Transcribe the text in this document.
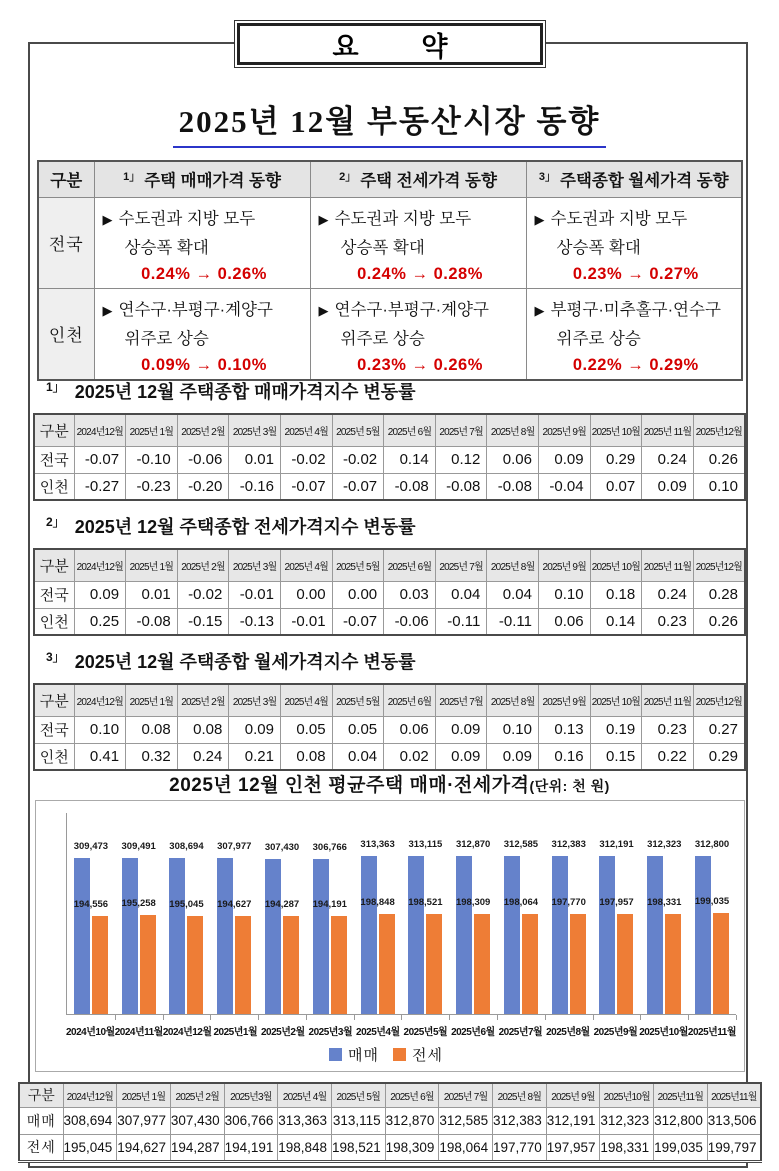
요 약
2025년 12월 부동산시장 동향
구분	$^{1」}$ 주택 매매가격 동향	$^{2」}$ 주택 전세가격 동향	$^{3」}$ 주택종합 월세가격 동향
전국	
▶ 수도권과 지방 모두
상승폭 확대
0.24% → 0.26%

▶ 수도권과 지방 모두
상승폭 확대
0.24% → 0.28%

▶ 수도권과 지방 모두
상승폭 확대
0.23% → 0.27%

인천	
▶ 연수구·부평구·계양구
위주로 상승
0.09% → 0.10%

▶ 연수구·부평구·계양구
위주로 상승
0.23% → 0.26%

▶ 부평구·미추홀구·연수구
위주로 상승
0.22% → 0.29%
$^{1」}$ 2025년 12월 주택종합 매매가격지수 변동률
구분	2024년12월	2025년 1월	2025년 2월	2025년 3월	2025년 4월	2025년 5월	2025년 6월	2025년 7월	2025년 8월	2025년 9월	2025년 10월	2025년 11월	2025년12월
전국	-0.07	-0.10	-0.06	0.01	-0.02	-0.02	0.14	0.12	0.06	0.09	0.29	0.24	0.26
인천	-0.27	-0.23	-0.20	-0.16	-0.07	-0.07	-0.08	-0.08	-0.08	-0.04	0.07	0.09	0.10
$^{2」}$ 2025년 12월 주택종합 전세가격지수 변동률
구분	2024년12월	2025년 1월	2025년 2월	2025년 3월	2025년 4월	2025년 5월	2025년 6월	2025년 7월	2025년 8월	2025년 9월	2025년 10월	2025년 11월	2025년12월
전국	0.09	0.01	-0.02	-0.01	0.00	0.00	0.03	0.04	0.04	0.10	0.18	0.24	0.28
인천	0.25	-0.08	-0.15	-0.13	-0.01	-0.07	-0.06	-0.11	-0.11	0.06	0.14	0.23	0.26
$^{3」}$ 2025년 12월 주택종합 월세가격지수 변동률
구분	2024년12월	2025년 1월	2025년 2월	2025년 3월	2025년 4월	2025년 5월	2025년 6월	2025년 7월	2025년 8월	2025년 9월	2025년 10월	2025년 11월	2025년12월
전국	0.10	0.08	0.08	0.09	0.05	0.05	0.06	0.09	0.10	0.13	0.19	0.23	0.27
인천	0.41	0.32	0.24	0.21	0.08	0.04	0.02	0.09	0.09	0.16	0.15	0.22	0.29
2025년 12월 인천 평균주택 매매·전세가격(단위: 천 원)
309,473
194,556
309,491
195,258
308,694
195,045
307,977
194,627
307,430
194,287
306,766
194,191
313,363
198,848
313,115
198,521
312,870
198,309
312,585
198,064
312,383
197,770
312,191
197,957
312,323
198,331
312,800
199,035
2024년10월 2024년11월 2024년12월 2025년1월 2025년2월 2025년3월 2025년4월 2025년5월 2025년6월 2025년7월 2025년8월 2025년9월 2025년10월 2025년11월
매매 전세
구분	2024년12월	2025년 1월	2025년 2월	2025년3월	2025년 4월	2025년 5월	2025년 6월	2025년 7월	2025년 8월	2025년 9월	2025년10월	2025년11월	2025년11월
매매	308,694	307,977	307,430	306,766	313,363	313,115	312,870	312,585	312,383	312,191	312,323	312,800	313,506
전세	195,045	194,627	194,287	194,191	198,848	198,521	198,309	198,064	197,770	197,957	198,331	199,035	199,797
